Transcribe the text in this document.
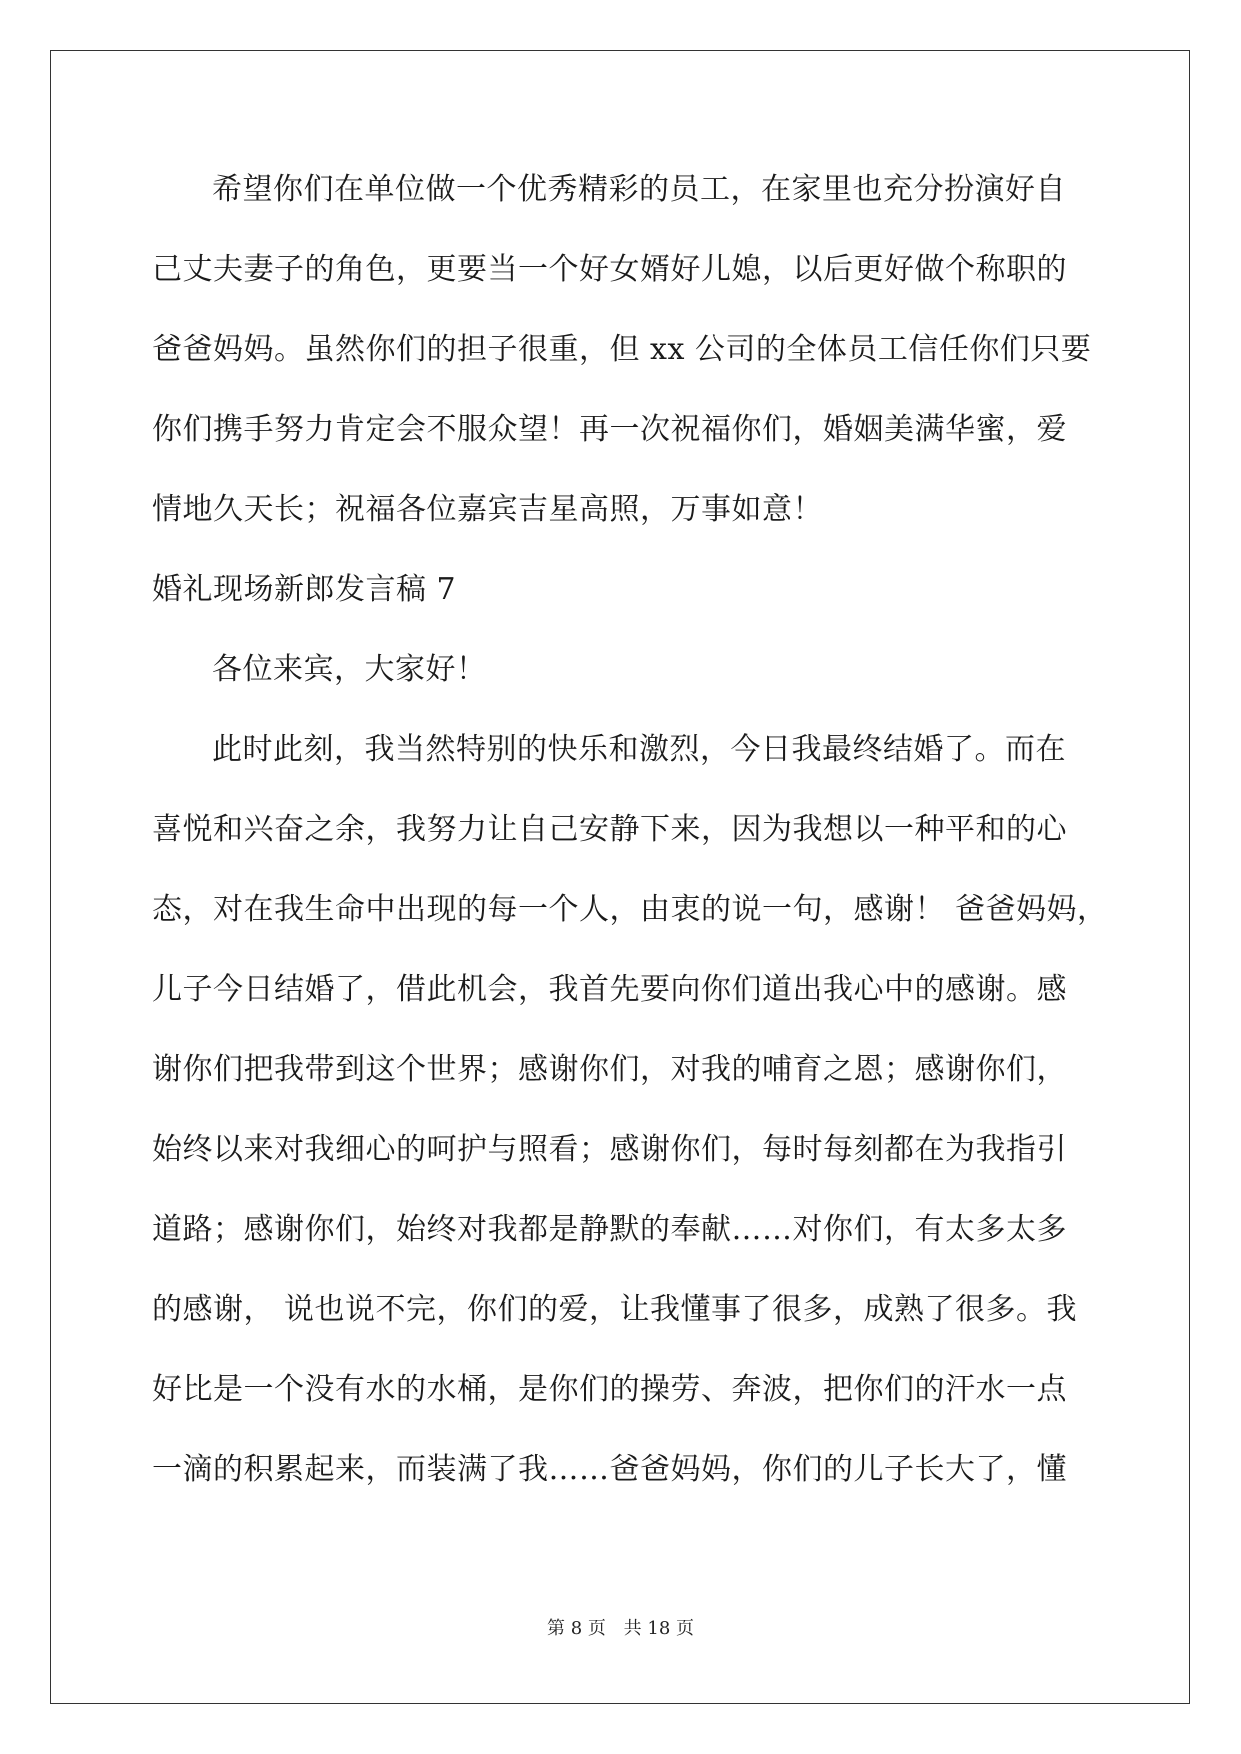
希望你们在单位做一个优秀精彩的员工，在家里也充分扮演好自
己丈夫妻子的角色，更要当一个好女婿好儿媳，以后更好做个称职的
爸爸妈妈。虽然你们的担子很重，但 xx 公司的全体员工信任你们只要
你们携手努力肯定会不服众望！再一次祝福你们，婚姻美满华蜜，爱
情地久天长；祝福各位嘉宾吉星高照，万事如意！
婚礼现场新郎发言稿 7
各位来宾，大家好！
此时此刻，我当然特别的快乐和激烈，今日我最终结婚了。而在
喜悦和兴奋之余，我努力让自己安静下来，因为我想以一种平和的心
态，对在我生命中出现的每一个人，由衷的说一句，感谢！ 爸爸妈妈，
儿子今日结婚了，借此机会，我首先要向你们道出我心中的感谢。感
谢你们把我带到这个世界；感谢你们，对我的哺育之恩；感谢你们，
始终以来对我细心的呵护与照看；感谢你们，每时每刻都在为我指引
道路；感谢你们，始终对我都是静默的奉献……对你们，有太多太多
的感谢， 说也说不完，你们的爱，让我懂事了很多，成熟了很多。我
好比是一个没有水的水桶，是你们的操劳、奔波，把你们的汗水一点
一滴的积累起来，而装满了我……爸爸妈妈，你们的儿子长大了，懂
第 8 页 共 18 页
